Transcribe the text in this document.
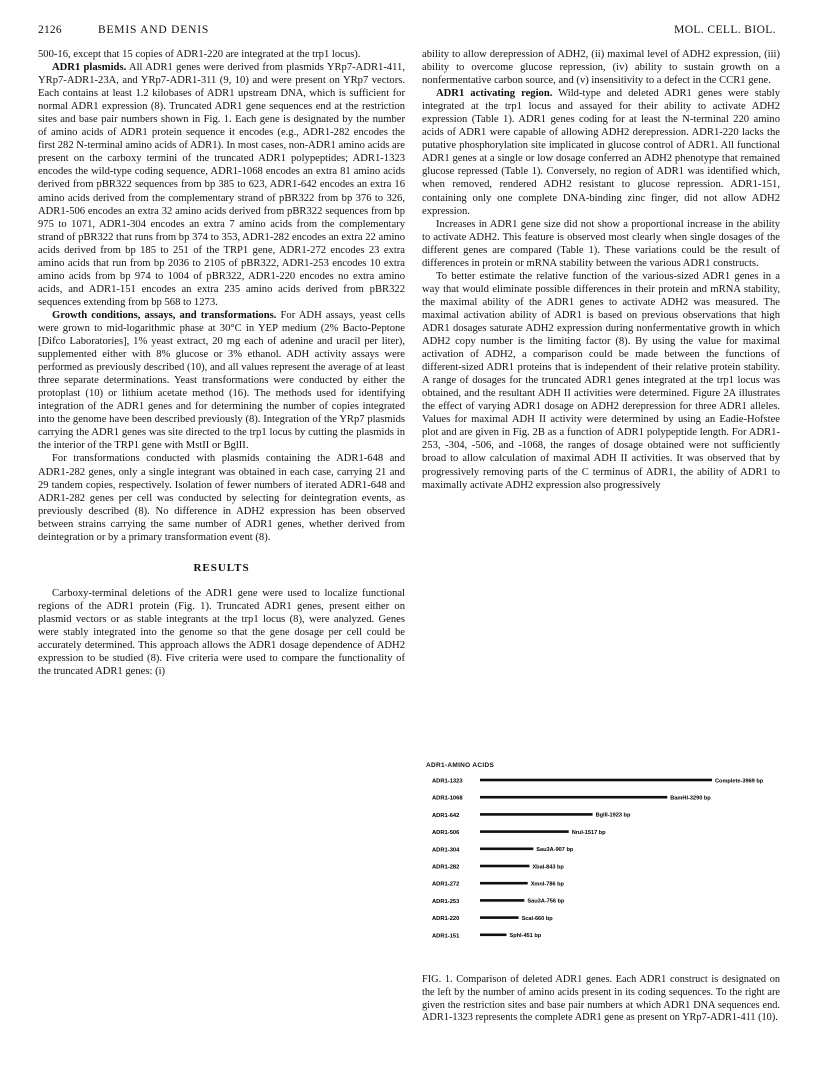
2126	BEMIS AND DENIS	MOL. CELL. BIOL.

500-16, except that 15 copies of ADR1-220 are integrated at the trp1 locus).

ADR1 plasmids. All ADR1 genes were derived from plasmids YRp7-ADR1-411, YRp7-ADR1-23A, and YRp7-ADR1-311 (9, 10) and were present on YRp7 vectors. Each contains at least 1.2 kilobases of ADR1 upstream DNA, which is sufficient for normal ADR1 expression (8). Truncated ADR1 gene sequences end at the restriction sites and base pair numbers shown in Fig. 1. Each gene is designated by the number of amino acids of ADR1 protein sequence it encodes (e.g., ADR1-282 encodes the first 282 N-terminal amino acids of ADR1). In most cases, non-ADR1 amino acids are present on the carboxy termini of the truncated ADR1 polypeptides; ADR1-1323 encodes the wild-type coding sequence, ADR1-1068 encodes an extra 81 amino acids derived from pBR322 sequences from bp 385 to 623, ADR1-642 encodes an extra 16 amino acids derived from the complementary strand of pBR322 from bp 376 to 326, ADR1-506 encodes an extra 32 amino acids derived from pBR322 sequences from bp 975 to 1071, ADR1-304 encodes an extra 7 amino acids from the complementary strand of pBR322 that runs from bp 374 to 353, ADR1-282 encodes an extra 22 amino acids derived from bp 185 to 251 of the TRP1 gene, ADR1-272 encodes 23 extra amino acids that run from bp 2036 to 2105 of pBR322, ADR1-253 encodes 10 extra amino acids from bp 974 to 1004 of pBR322, ADR1-220 encodes no extra amino acids, and ADR1-151 encodes an extra 235 amino acids derived from pBR322 sequences extending from bp 568 to 1273.

Growth conditions, assays, and transformations. For ADH assays, yeast cells were grown to mid-logarithmic phase at 30°C in YEP medium (2% Bacto-Peptone [Difco Laboratories], 1% yeast extract, 20 mg each of adenine and uracil per liter), supplemented either with 8% glucose or 3% ethanol. ADH activity assays were performed as previously described (10), and all values represent the average of at least three separate determinations. Yeast transformations were conducted by either the protoplast (10) or lithium acetate method (16). The methods used for identifying integration of the ADR1 genes and for determining the number of copies integrated into the genome have been described previously (8). Integration of the YRp7 plasmids carrying the ADR1 genes was site directed to the trp1 locus by cutting the plasmids in the interior of the TRP1 gene with MstII or BglII.

For transformations conducted with plasmids containing the ADR1-648 and ADR1-282 genes, only a single integrant was obtained in each case, carrying 21 and 29 tandem copies, respectively. Isolation of fewer numbers of iterated ADR1-648 and ADR1-282 genes per cell was conducted by selecting for deintegration events, as previously described (8). No difference in ADH2 expression has been observed between strains carrying the same number of ADR1 genes, whether derived from deintegration or by a primary transformation event (8).

RESULTS

Carboxy-terminal deletions of the ADR1 gene were used to localize functional regions of the ADR1 protein (Fig. 1). Truncated ADR1 genes, present either on plasmid vectors or as stable integrants at the trp1 locus (8), were analyzed. Genes were stably integrated into the genome so that the gene dosage per cell could be accurately determined. This approach allows the ADR1 dosage dependence of ADH2 expression to be studied (8). Five criteria were used to compare the functionality of the truncated ADR1 genes: (i)

ability to allow derepression of ADH2, (ii) maximal level of ADH2 expression, (iii) ability to overcome glucose repression, (iv) ability to sustain growth on a nonfermentative carbon source, and (v) insensitivity to a defect in the CCR1 gene.

ADR1 activating region. Wild-type and deleted ADR1 genes were stably integrated at the trp1 locus and assayed for their ability to activate ADH2 expression (Table 1). ADR1 genes coding for at least the N-terminal 220 amino acids of ADR1 were capable of allowing ADH2 derepression. ADR1-220 lacks the putative phosphorylation site implicated in glucose control of ADR1. All functional ADR1 genes at a single or low dosage conferred an ADH2 phenotype that remained glucose repressed (Table 1). Conversely, no region of ADR1 was identified which, when removed, rendered ADH2 resistant to glucose repression. ADR1-151, containing only one complete DNA-binding zinc finger, did not allow ADH2 expression.

Increases in ADR1 gene size did not show a proportional increase in the ability to activate ADH2. This feature is observed most clearly when single dosages of the different genes are compared (Table 1). These variations could be the result of differences in protein or mRNA stability between the various ADR1 constructs.

To better estimate the relative function of the various-sized ADR1 genes in a way that would eliminate possible differences in their protein and mRNA stability, the maximal ability of the ADR1 genes to activate ADH2 was measured. The maximal activation ability of ADR1 is based on previous observations that high ADR1 dosages saturate ADH2 expression during nonfermentative growth in which ADH2 copy number is the limiting factor (8). By using the value for maximal activation of ADH2, a comparison could be made between the functions of different-sized ADR1 proteins that is independent of their relative protein stability. A range of dosages for the truncated ADR1 genes integrated at the trp1 locus was obtained, and the resultant ADH II activities were determined. Figure 2A illustrates the effect of varying ADR1 dosage on ADH2 derepression for three ADR1 alleles. Values for maximal ADH II activity were determined by using an Eadie-Hofstee plot and are given in Fig. 2B as a function of ADR1 polypeptide length. For ADR1-253, -304, -506, and -1068, the ranges of dosage obtained were not sufficiently broad to allow calculation of maximal ADH II activities. It was observed that by progressively removing parts of the C terminus of ADR1, the ability of ADR1 to maximally activate ADH2 expression also progressively

ADR1-AMINO ACIDS
ADR1-1323	Complete-3969 bp
ADR1-1068	BamHI-3290 bp
ADR1-642	BglII-1923 bp
ADR1-506	NruI-1517 bp
ADR1-304	Sau3A-907 bp
ADR1-282	XbaI-843 bp
ADR1-272	XmnI-786 bp
ADR1-253	Sau3A-756 bp
ADR1-220	ScaI-660 bp
ADR1-151	SphI-451 bp
FIG. 1. Comparison of deleted ADR1 genes. Each ADR1 construct is designated on the left by the number of amino acids present in its coding sequences. To the right are given the restriction sites and base pair numbers at which ADR1 DNA sequences end. ADR1-1323 represents the complete ADR1 gene as present on YRp7-ADR1-411 (10).
